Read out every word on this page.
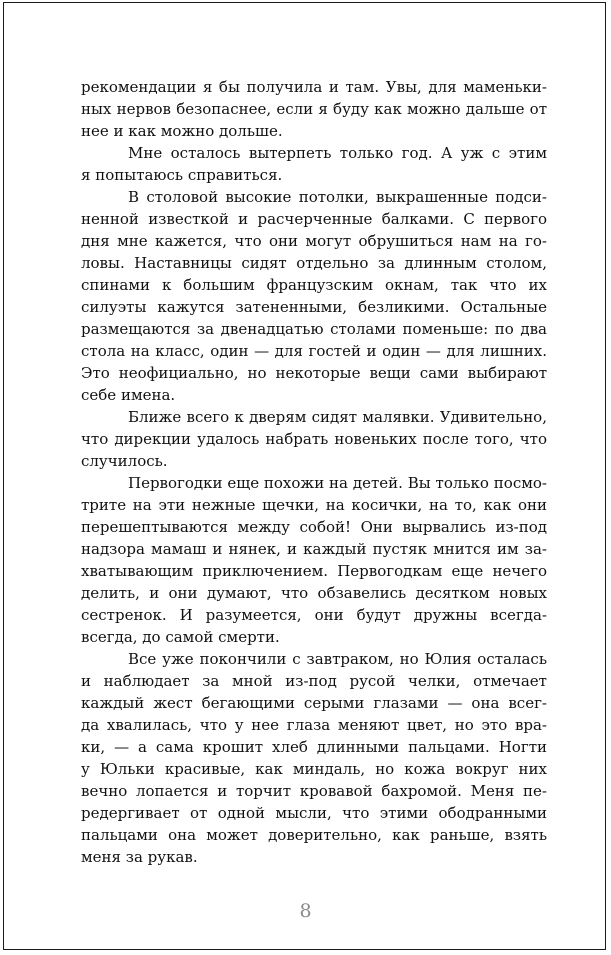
рекомендации я бы получила и там. Увы, для маменьки-
ных нервов безопаснее, если я буду как можно дальше от
нее и как можно дольше.
Мне осталось вытерпеть только год. А уж с этим
я попытаюсь справиться.
В столовой высокие потолки, выкрашенные подси-
ненной известкой и расчерченные балками. С первого
дня мне кажется, что они могут обрушиться нам на го-
ловы. Наставницы сидят отдельно за длинным столом,
спинами к большим французским окнам, так что их
силуэты кажутся затененными, безликими. Остальные
размещаются за двенадцатью столами поменьше: по два
стола на класс, один — для гостей и один — для лишних.
Это неофициально, но некоторые вещи сами выбирают
себе имена.
Ближе всего к дверям сидят малявки. Удивительно,
что дирекции удалось набрать новеньких после того, что
случилось.
Первогодки еще похожи на детей. Вы только посмо-
трите на эти нежные щечки, на косички, на то, как они
перешептываются между собой! Они вырвались из-под
надзора мамаш и нянек, и каждый пустяк мнится им за-
хватывающим приключением. Первогодкам еще нечего
делить, и они думают, что обзавелись десятком новых
сестренок. И разумеется, они будут дружны всегда-
всегда, до самой смерти.
Все уже покончили с завтраком, но Юлия осталась
и наблюдает за мной из-под русой челки, отмечает
каждый жест бегающими серыми глазами — она всег-
да хвалилась, что у нее глаза меняют цвет, но это вра-
ки, — а сама крошит хлеб длинными пальцами. Ногти
у Юльки красивые, как миндаль, но кожа вокруг них
вечно лопается и торчит кровавой бахромой. Меня пе-
редергивает от одной мысли, что этими ободранными
пальцами она может доверительно, как раньше, взять
меня за рукав.
8
